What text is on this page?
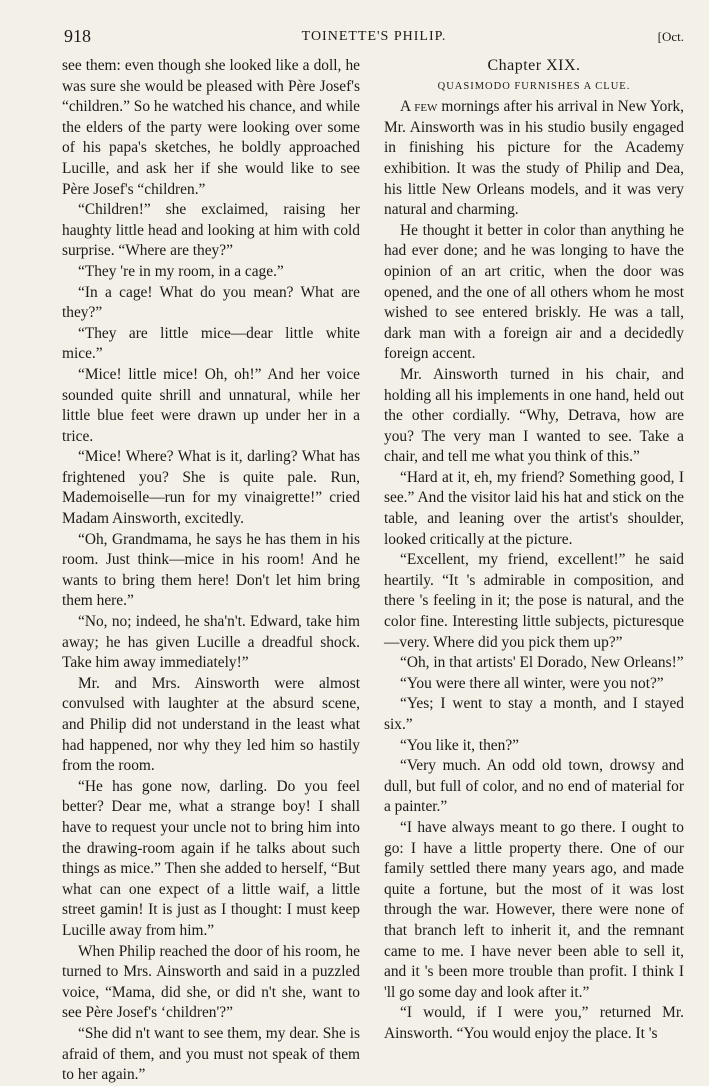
918	TOINETTE'S PHILIP.	[Oct.

see them: even though she looked like a doll, he was sure she would be pleased with Père Josef's “children.” So he watched his chance, and while the elders of the party were looking over some of his papa's sketches, he boldly approached Lucille, and ask her if she would like to see Père Josef's “children.”

“Children!” she exclaimed, raising her haughty little head and looking at him with cold surprise. “Where are they?”

“They 're in my room, in a cage.”

“In a cage! What do you mean? What are they?”

“They are little mice—dear little white mice.”

“Mice! little mice! Oh, oh!” And her voice sounded quite shrill and unnatural, while her little blue feet were drawn up under her in a trice.

“Mice! Where? What is it, darling? What has frightened you? She is quite pale. Run, Mademoiselle—run for my vinaigrette!” cried Madam Ainsworth, excitedly.

“Oh, Grandmama, he says he has them in his room. Just think—mice in his room! And he wants to bring them here! Don't let him bring them here.”

“No, no; indeed, he sha'n't. Edward, take him away; he has given Lucille a dreadful shock. Take him away immediately!”

Mr. and Mrs. Ainsworth were almost convulsed with laughter at the absurd scene, and Philip did not understand in the least what had happened, nor why they led him so hastily from the room.

“He has gone now, darling. Do you feel better? Dear me, what a strange boy! I shall have to request your uncle not to bring him into the drawing-room again if he talks about such things as mice.” Then she added to herself, “But what can one expect of a little waif, a little street gamin! It is just as I thought: I must keep Lucille away from him.”

When Philip reached the door of his room, he turned to Mrs. Ainsworth and said in a puzzled voice, “Mama, did she, or did n't she, want to see Père Josef's ‘children'?”

“She did n't want to see them, my dear. She is afraid of them, and you must not speak of them to her again.”

Chapter XIX.

QUASIMODO FURNISHES A CLUE.

A few mornings after his arrival in New York, Mr. Ainsworth was in his studio busily engaged in finishing his picture for the Academy exhibition. It was the study of Philip and Dea, his little New Orleans models, and it was very natural and charming.

He thought it better in color than anything he had ever done; and he was longing to have the opinion of an art critic, when the door was opened, and the one of all others whom he most wished to see entered briskly. He was a tall, dark man with a foreign air and a decidedly foreign accent.

Mr. Ainsworth turned in his chair, and holding all his implements in one hand, held out the other cordially. “Why, Detrava, how are you? The very man I wanted to see. Take a chair, and tell me what you think of this.”

“Hard at it, eh, my friend? Something good, I see.” And the visitor laid his hat and stick on the table, and leaning over the artist's shoulder, looked critically at the picture.

“Excellent, my friend, excellent!” he said heartily. “It 's admirable in composition, and there 's feeling in it; the pose is natural, and the color fine. Interesting little subjects, picturesque—very. Where did you pick them up?”

“Oh, in that artists' El Dorado, New Orleans!”

“You were there all winter, were you not?”

“Yes; I went to stay a month, and I stayed six.”

“You like it, then?”

“Very much. An odd old town, drowsy and dull, but full of color, and no end of material for a painter.”

“I have always meant to go there. I ought to go: I have a little property there. One of our family settled there many years ago, and made quite a fortune, but the most of it was lost through the war. However, there were none of that branch left to inherit it, and the remnant came to me. I have never been able to sell it, and it 's been more trouble than profit. I think I 'll go some day and look after it.”

“I would, if I were you,” returned Mr. Ainsworth. “You would enjoy the place. It 's
